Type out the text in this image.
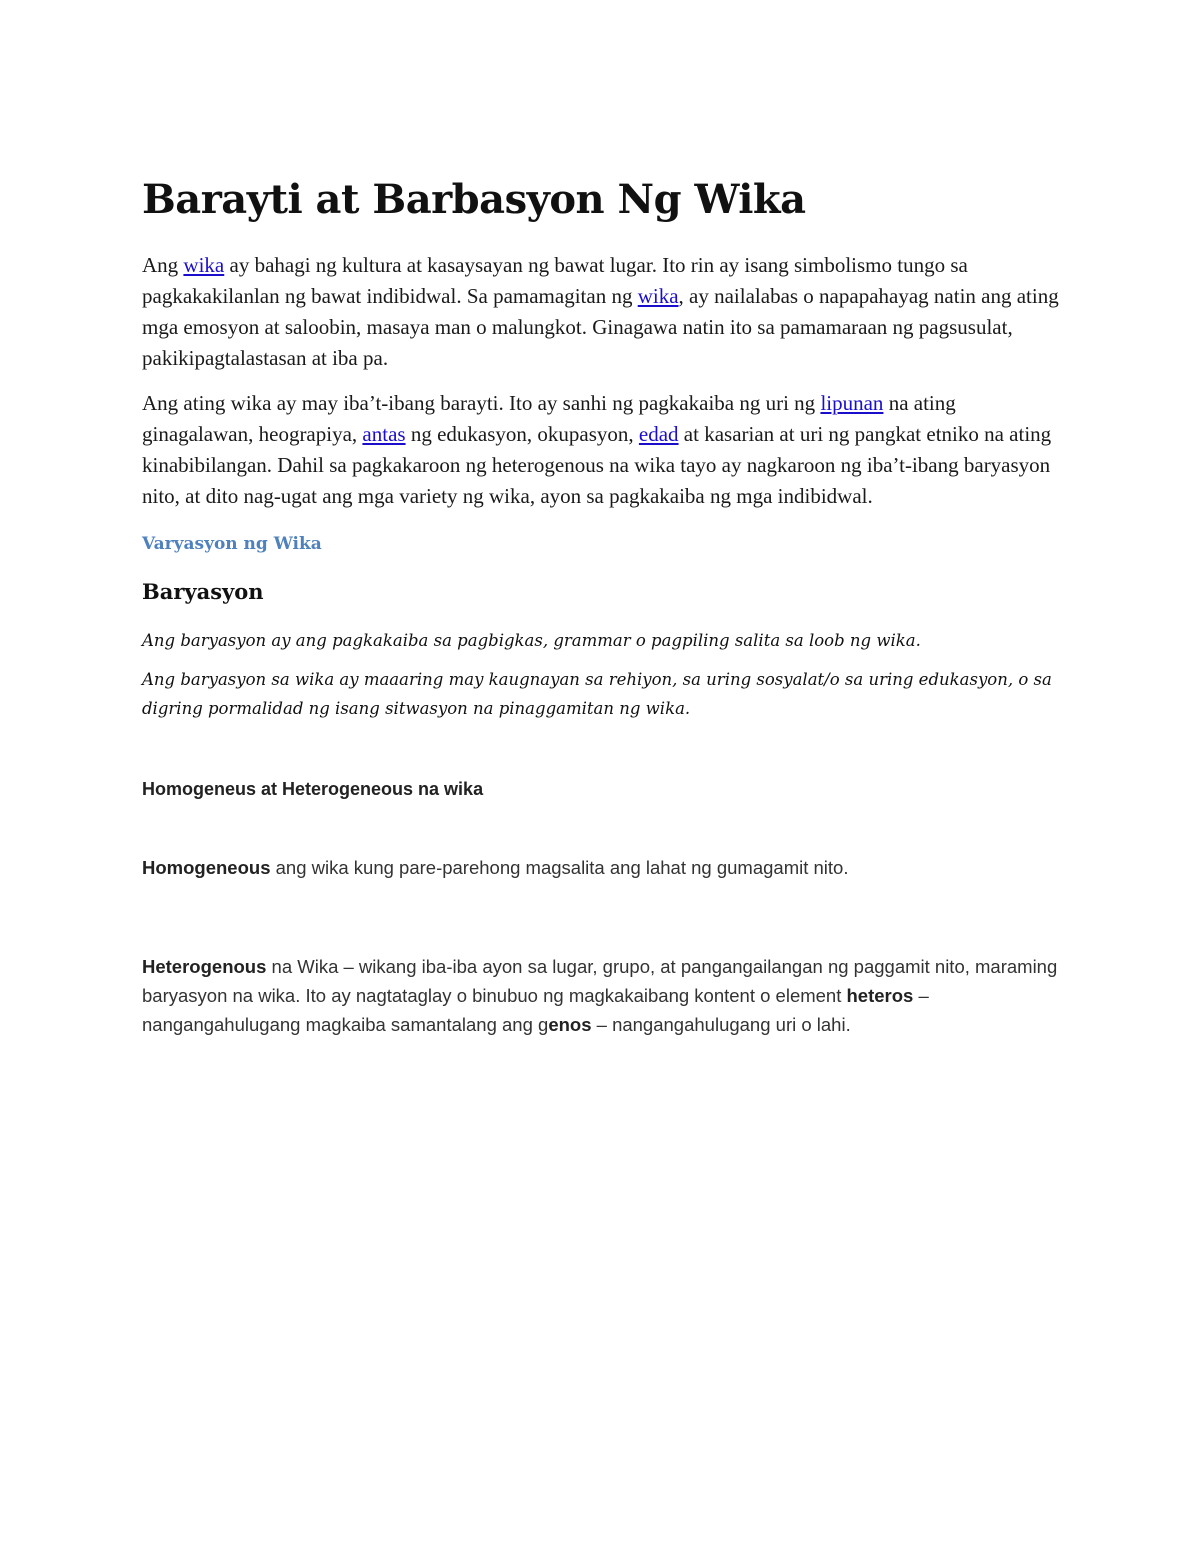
Barayti at Barbasyon Ng Wika

Ang wika ay bahagi ng kultura at kasaysayan ng bawat lugar. Ito rin ay isang simbolismo tungo sa pagkakakilanlan ng bawat indibidwal. Sa pamamagitan ng wika, ay nailalabas o napapahayag natin ang ating mga emosyon at saloobin, masaya man o malungkot. Ginagawa natin ito sa pamamaraan ng pagsusulat, pakikipagtalastasan at iba pa.

Ang ating wika ay may iba’t-ibang barayti. Ito ay sanhi ng pagkakaiba ng uri ng lipunan na ating ginagalawan, heograpiya, antas ng edukasyon, okupasyon, edad at kasarian at uri ng pangkat etniko na ating kinabibilangan. Dahil sa pagkakaroon ng heterogenous na wika tayo ay nagkaroon ng iba’t-ibang baryasyon nito, at dito nag-ugat ang mga variety ng wika, ayon sa pagkakaiba ng mga indibidwal.

Varyasyon ng Wika
Baryasyon

Ang baryasyon ay ang pagkakaiba sa pagbigkas, grammar o pagpiling salita sa loob ng wika.

Ang baryasyon sa wika ay maaaring may kaugnayan sa rehiyon, sa uring sosyalat/o sa uring edukasyon, o sa digring pormalidad ng isang sitwasyon na pinaggamitan ng wika.

Homogeneus at Heterogeneous na wika

Homogeneous ang wika kung pare-parehong magsalita ang lahat ng gumagamit nito.

Heterogenous na Wika – wikang iba-iba ayon sa lugar, grupo, at pangangailangan ng paggamit nito, maraming baryasyon na wika. Ito ay nagtataglay o binubuo ng magkakaibang kontent o element heteros – nangangahulugang magkaiba samantalang ang genos – nangangahulugang uri o lahi.
